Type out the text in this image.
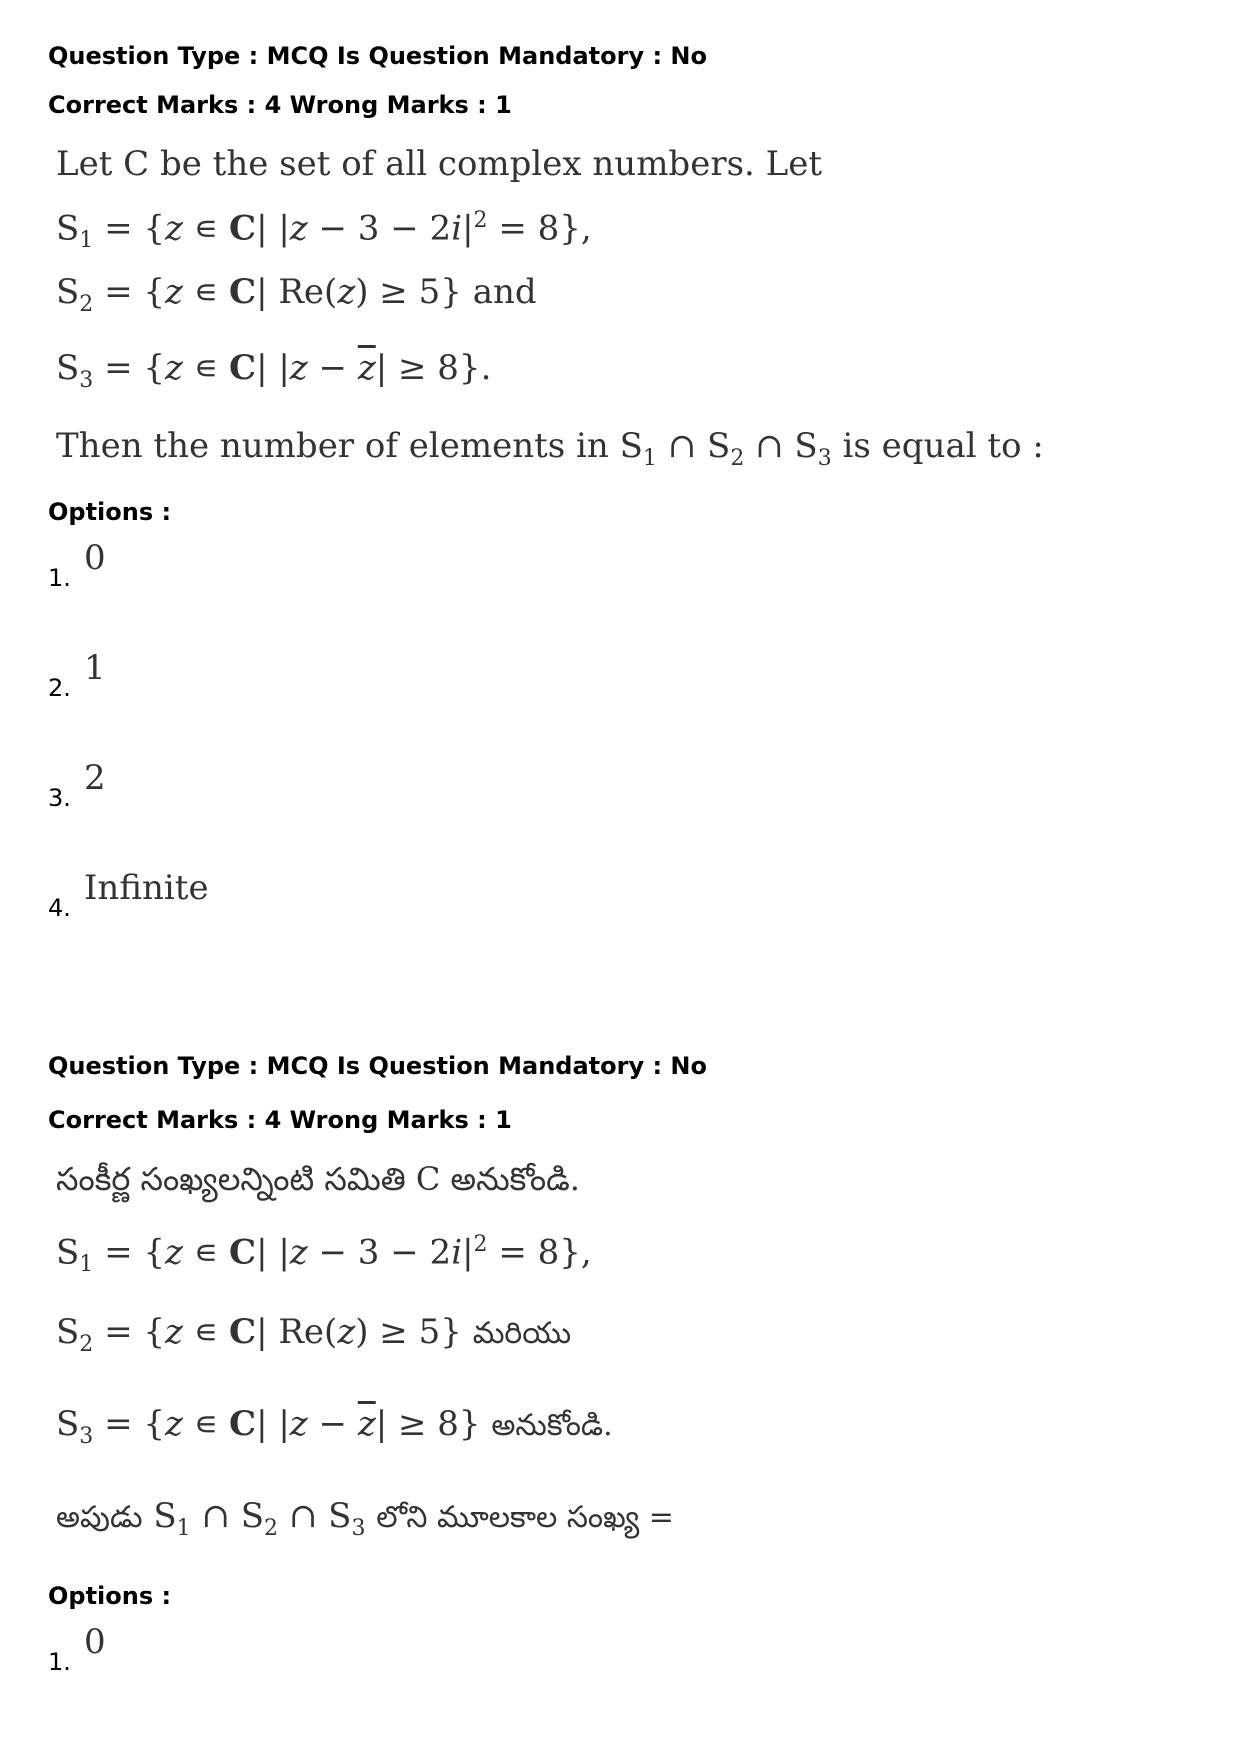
Question Type : MCQ Is Question Mandatory : No

Correct Marks : 4 Wrong Marks : 1

Let C be the set of all complex numbers. Let

$S_1 = \{z$ ∊ C| $|z - 3 - 2i|^2 = 8$},

$S_2 = \{z$ ∊ C| Re(z) ≥ 5} and

$S_3 = \{z$ ∊ C| $|z - \overline{z}| \ge 8$}.

Then the number of elements in $S_1$ ∩ $S_2$ ∩ $S_3$ is equal to :

Options :

1. 0
2. 1
3. 2
4. Infinite

Question Type : MCQ Is Question Mandatory : No

Correct Marks : 4 Wrong Marks : 1

సంకీర్ణ సంఖ్యలన్నింటి సమితి C అనుకోండి.

$S_1 = \{z$ ∊ C| $|z - 3 - 2i|^2 = 8$},

$S_2 = \{z$ ∊ C| Re(z) ≥ 5} మరియు

$S_3 = \{z$ ∊ C| $|z - \overline{z}| \ge 8$} అనుకోండి.

అపుడు $S_1$ ∩ $S_2$ ∩ $S_3$ లోని మూలకాల సంఖ్య =

Options :

1. 0
